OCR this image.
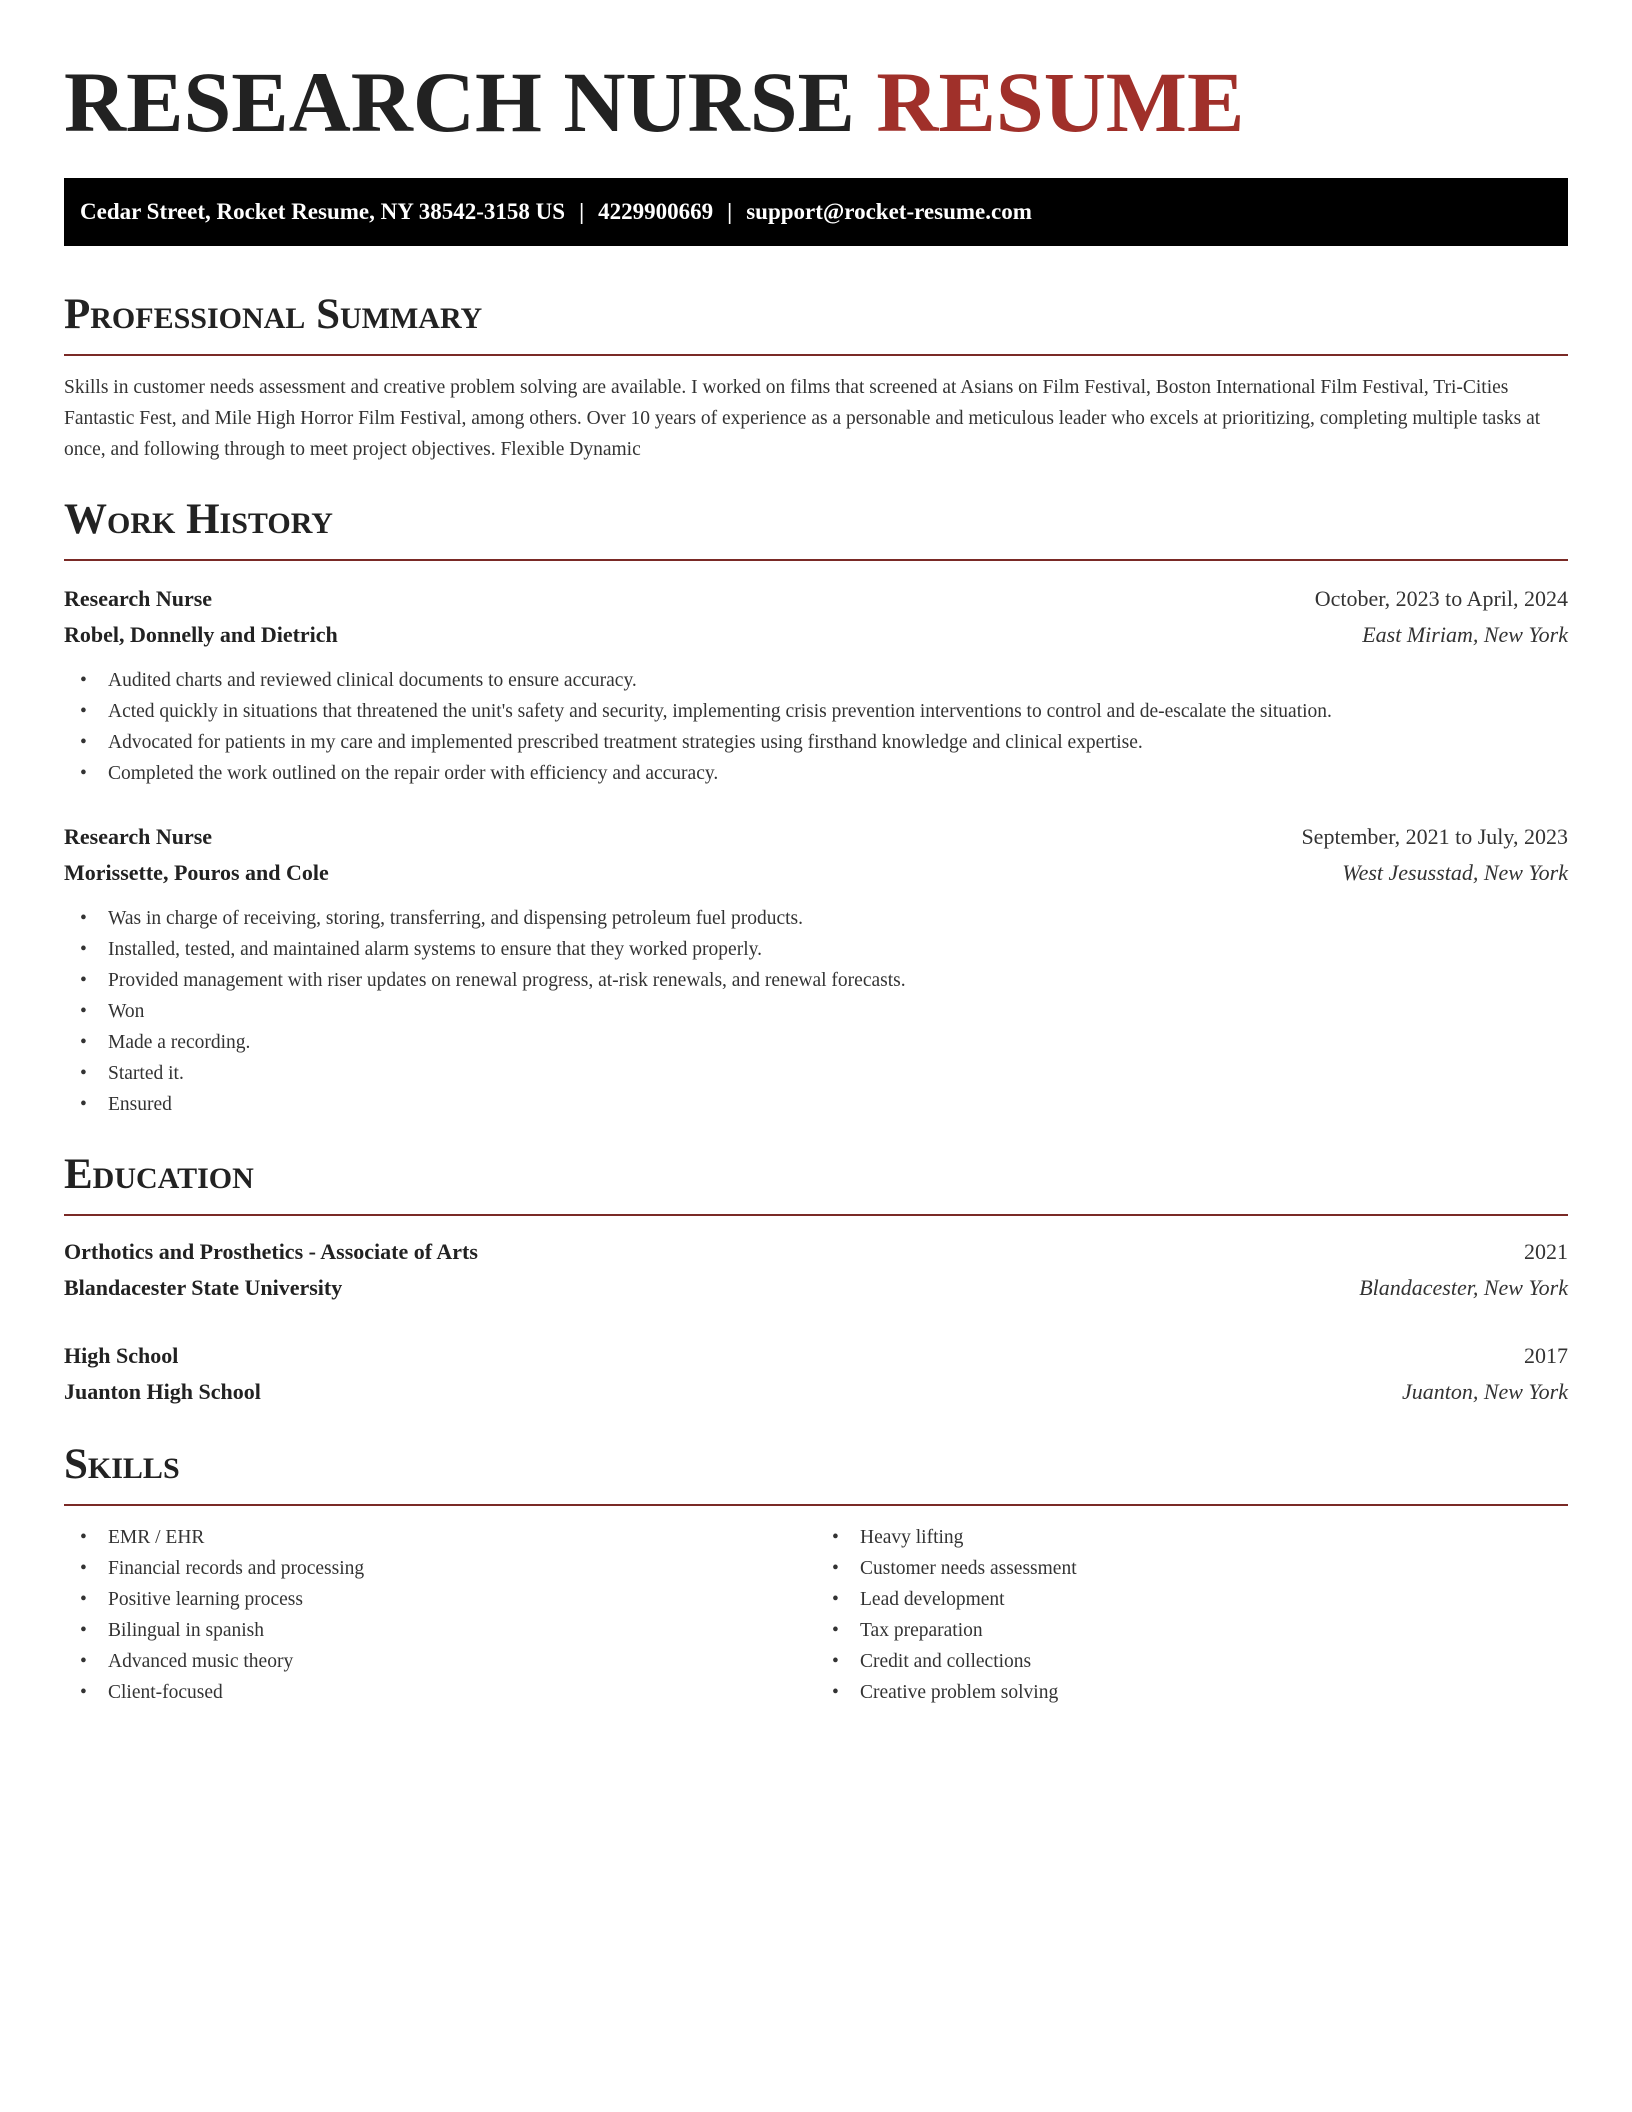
RESEARCH NURSE RESUME
Cedar Street, Rocket Resume, NY 38542-3158 US | 4229900669 | support@rocket-resume.com
Professional Summary

Skills in customer needs assessment and creative problem solving are available. I worked on films that screened at Asians on Film Festival, Boston International Film Festival, Tri-Cities Fantastic Fest, and Mile High Horror Film Festival, among others. Over 10 years of experience as a personable and meticulous leader who excels at prioritizing, completing multiple tasks at once, and following through to meet project objectives. Flexible Dynamic

Work History
Research Nurse	October, 2023 to April, 2024
Robel, Donnelly and Dietrich	East Miriam, New York
• Audited charts and reviewed clinical documents to ensure accuracy.
• Acted quickly in situations that threatened the unit's safety and security, implementing crisis prevention interventions to control and de-escalate the situation.
• Advocated for patients in my care and implemented prescribed treatment strategies using firsthand knowledge and clinical expertise.
• Completed the work outlined on the repair order with efficiency and accuracy.
Research Nurse	September, 2021 to July, 2023
Morissette, Pouros and Cole	West Jesusstad, New York
• Was in charge of receiving, storing, transferring, and dispensing petroleum fuel products.
• Installed, tested, and maintained alarm systems to ensure that they worked properly.
• Provided management with riser updates on renewal progress, at-risk renewals, and renewal forecasts.
• Won
• Made a recording.
• Started it.
• Ensured
Education
Orthotics and Prosthetics - Associate of Arts	2021
Blandacester State University	Blandacester, New York
High School	2017
Juanton High School	Juanton, New York
Skills
• EMR / EHR
• Financial records and processing
• Positive learning process
• Bilingual in spanish
• Advanced music theory
• Client-focused
• Heavy lifting
• Customer needs assessment
• Lead development
• Tax preparation
• Credit and collections
• Creative problem solving
